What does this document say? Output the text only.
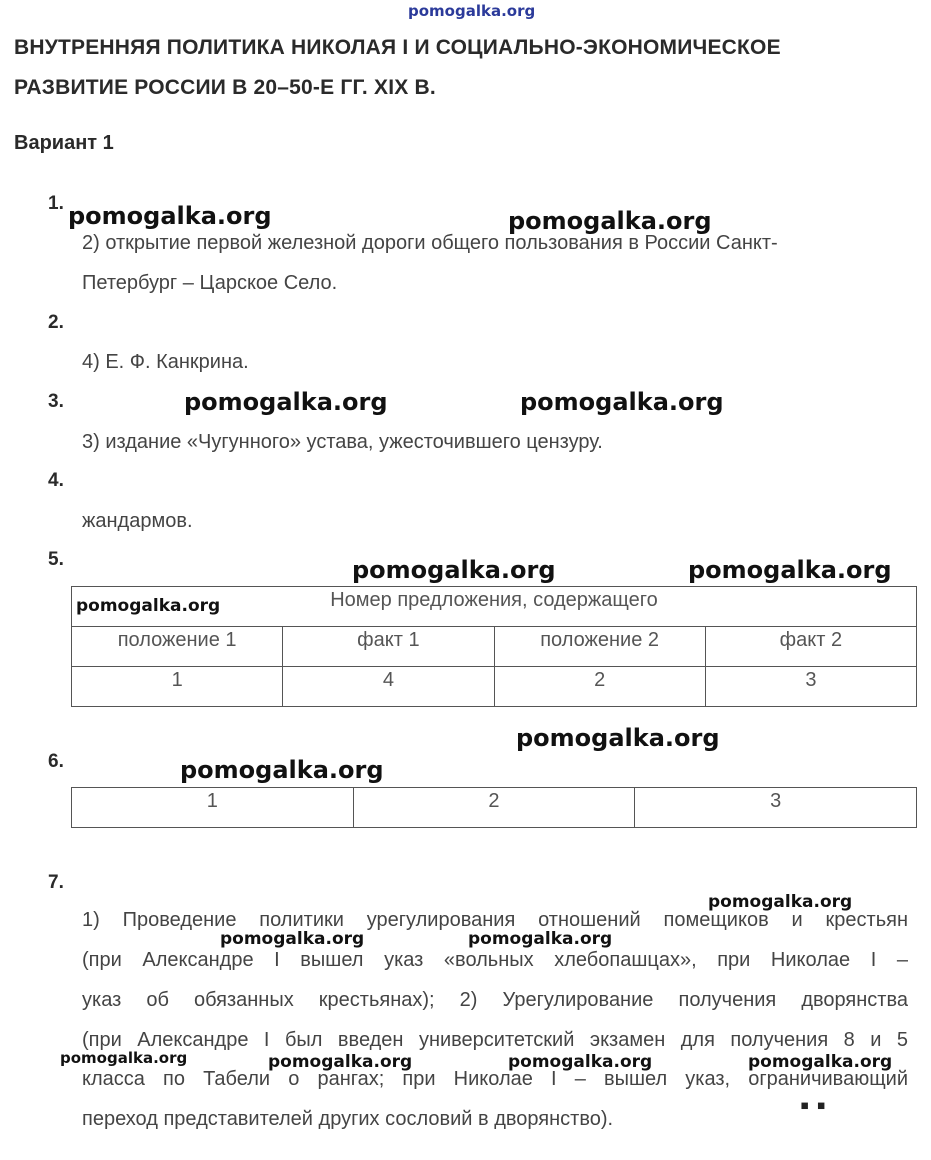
pomogalka.org
ВНУТРЕННЯЯ ПОЛИТИКА НИКОЛАЯ I И СОЦИАЛЬНО-ЭКОНОМИЧЕСКОЕ
РАЗВИТИЕ РОССИИ В 20–50-Е ГГ. XIX В.
Вариант 1
1. pomogalka.org	pomogalka.org
2) открытие первой железной дороги общего пользования в России Санкт-
Петербург – Царское Село.
2.
4) Е. Ф. Канкрина.
3.	pomogalka.org	pomogalka.org
3) издание «Чугунного» устава, ужесточившего цензуру.
4.
жандармов.
5.	pomogalka.org	pomogalka.org
Номер предложения, содержащего			
положение 1	факт 1	положение 2	факт 2
1	4	2	3
pomogalka.org
pomogalka.org
6.	pomogalka.org
1	2	3
7.
1) Проведение политики урегулирования отношений помещиков и крестьян
(при Александре I вышел указ «вольных хлебопашцах», при Николае I –
указ об обязанных крестьянах); 2) Урегулирование получения дворянства
(при Александре I был введен университетский экзамен для получения 8 и 5
класса по Табели о рангах; при Николае I – вышел указ, ограничивающий
переход представителей других сословий в дворянство).
pomogalka.org
pomogalka.org	pomogalka.org
pomogalka.org	pomogalka.org	pomogalka.org	pomogalka.org
▪ ▪
